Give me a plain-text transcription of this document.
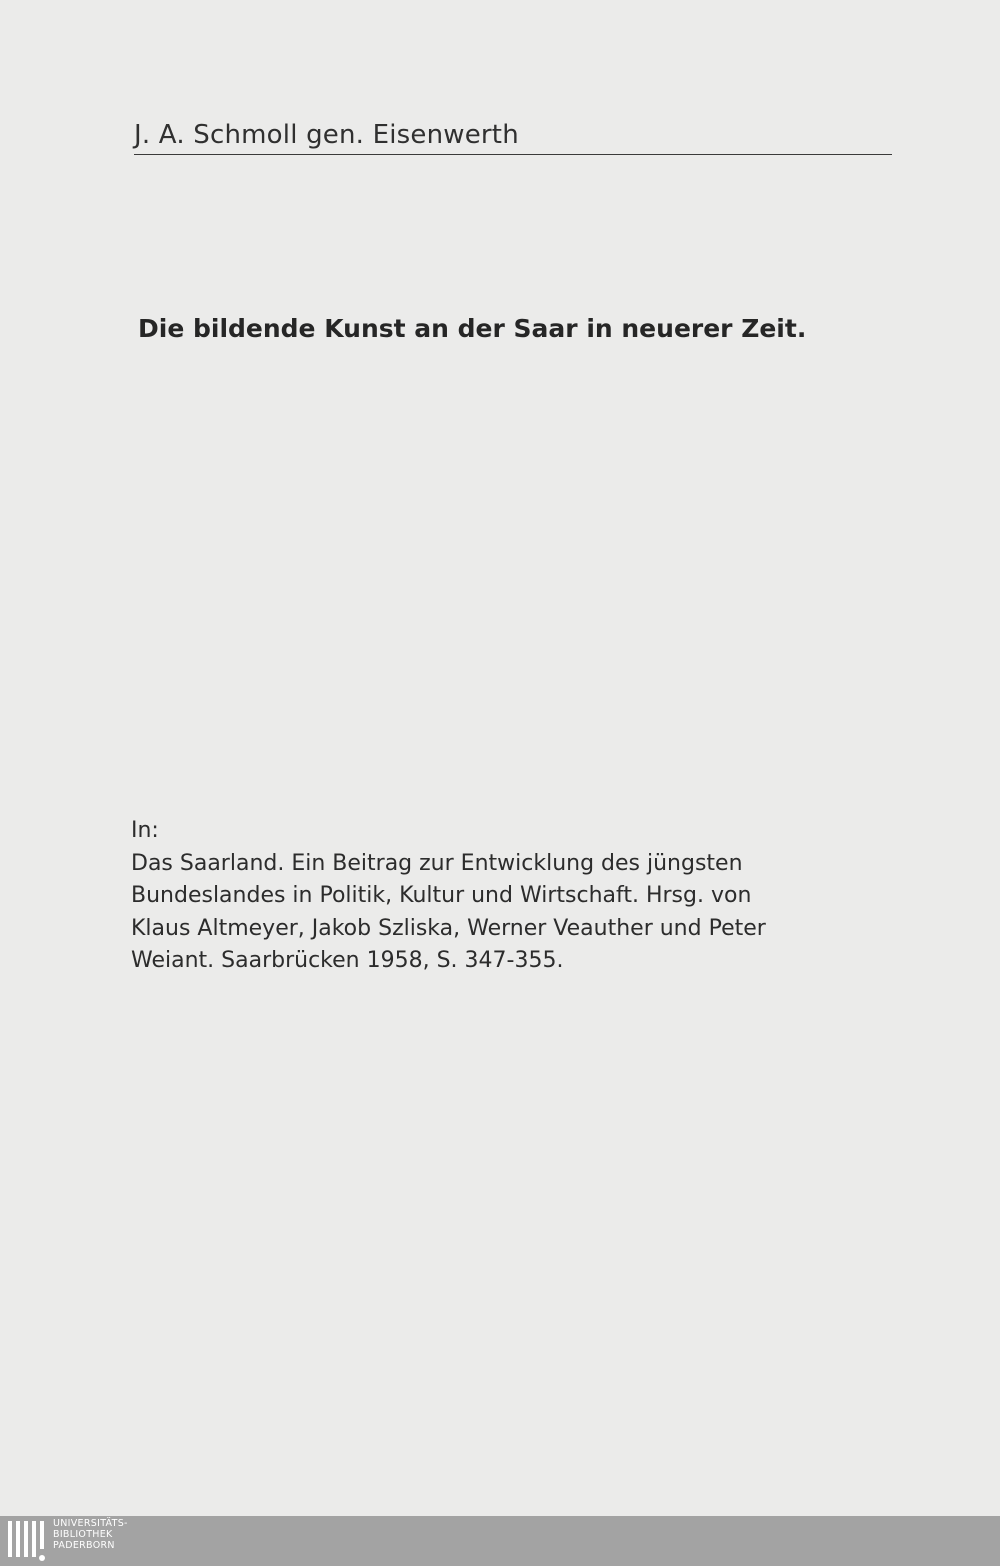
J. A. Schmoll gen. Eisenwerth
Die bildende Kunst an der Saar in neuerer Zeit.
In:
Das Saarland. Ein Beitrag zur Entwicklung des jüngsten
Bundeslandes in Politik, Kultur und Wirtschaft. Hrsg. von
Klaus Altmeyer, Jakob Szliska, Werner Veauther und Peter
Weiant. Saarbrücken 1958, S. 347-355.
UNIVERSITÄTS-
BIBLIOTHEK
PADERBORN
